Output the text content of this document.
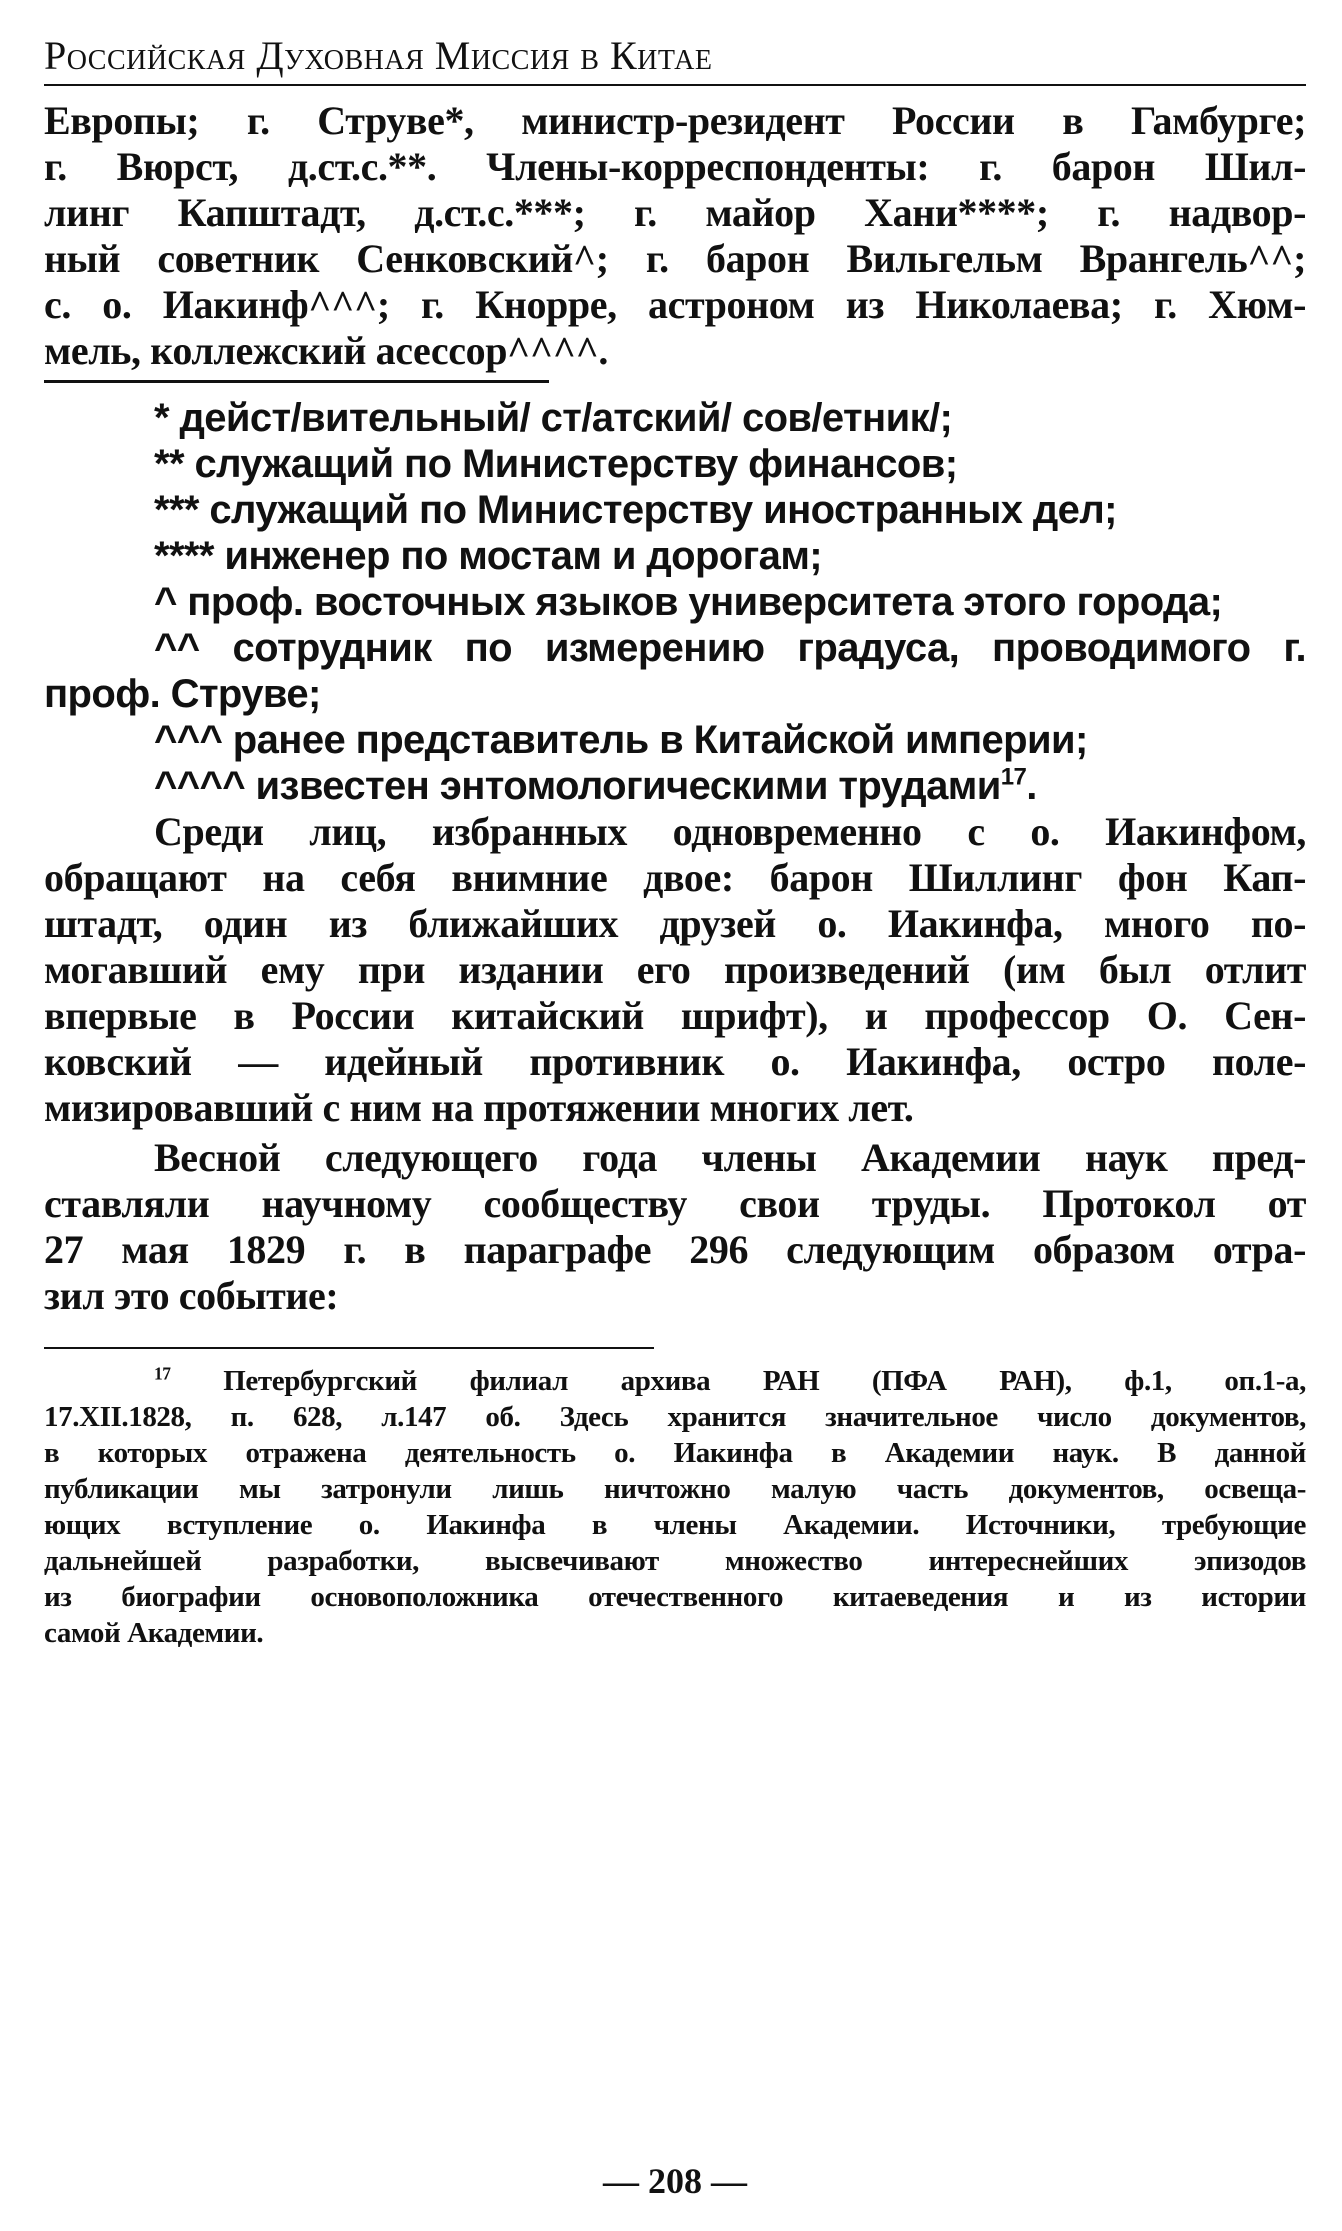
Российская Духовная Миссия в Китае
Европы; г. Струве*, министр-резидент России в Гамбурге;
г. Вюрст, д.ст.с.**. Члены-корреспонденты: г. барон Шил-
линг Капштадт, д.ст.с.***; г. майор Хани****; г. надвор-
ный советник Сенковский^; г. барон Вильгельм Врангель^^;
с. о. Иакинф^^^; г. Кнорре, астроном из Николаева; г. Хюм-
мель, коллежский асессор^^^^.
* дейст/вительный/ ст/атский/ сов/етник/;
** служащий по Министерству финансов;
*** служащий по Министерству иностранных дел;
**** инженер по мостам и дорогам;
^ проф. восточных языков университета этого города;
^^ сотрудник по измерению градуса, проводимого г.
проф. Струве;
^^^ ранее представитель в Китайской империи;
^^^^ известен энтомологическими трудами$^{17}$.
Среди лиц, избранных одновременно с о. Иакинфом,
обращают на себя внимние двое: барон Шиллинг фон Кап-
штадт, один из ближайших друзей о. Иакинфа, много по-
могавший ему при издании его произведений (им был отлит
впервые в России китайский шрифт), и профессор О. Сен-
ковский — идейный противник о. Иакинфа, остро поле-
мизировавший с ним на протяжении многих лет.
Весной следующего года члены Академии наук пред-
ставляли научному сообществу свои труды. Протокол от
27 мая 1829 г. в параграфе 296 следующим образом отра-
зил это событие:
$^{17}$ Петербургский филиал архива РАН (ПФА РАН), ф.1, оп.1-а,
17.XII.1828, п. 628, л.147 об. Здесь хранится значительное число документов,
в которых отражена деятельность о. Иакинфа в Академии наук. В данной
публикации мы затронули лишь ничтожно малую часть документов, освеща-
ющих вступление о. Иакинфа в члены Академии. Источники, требующие
дальнейшей разработки, высвечивают множество интереснейших эпизодов
из биографии основоположника отечественного китаеведения и из истории
самой Академии.
— 208 —
